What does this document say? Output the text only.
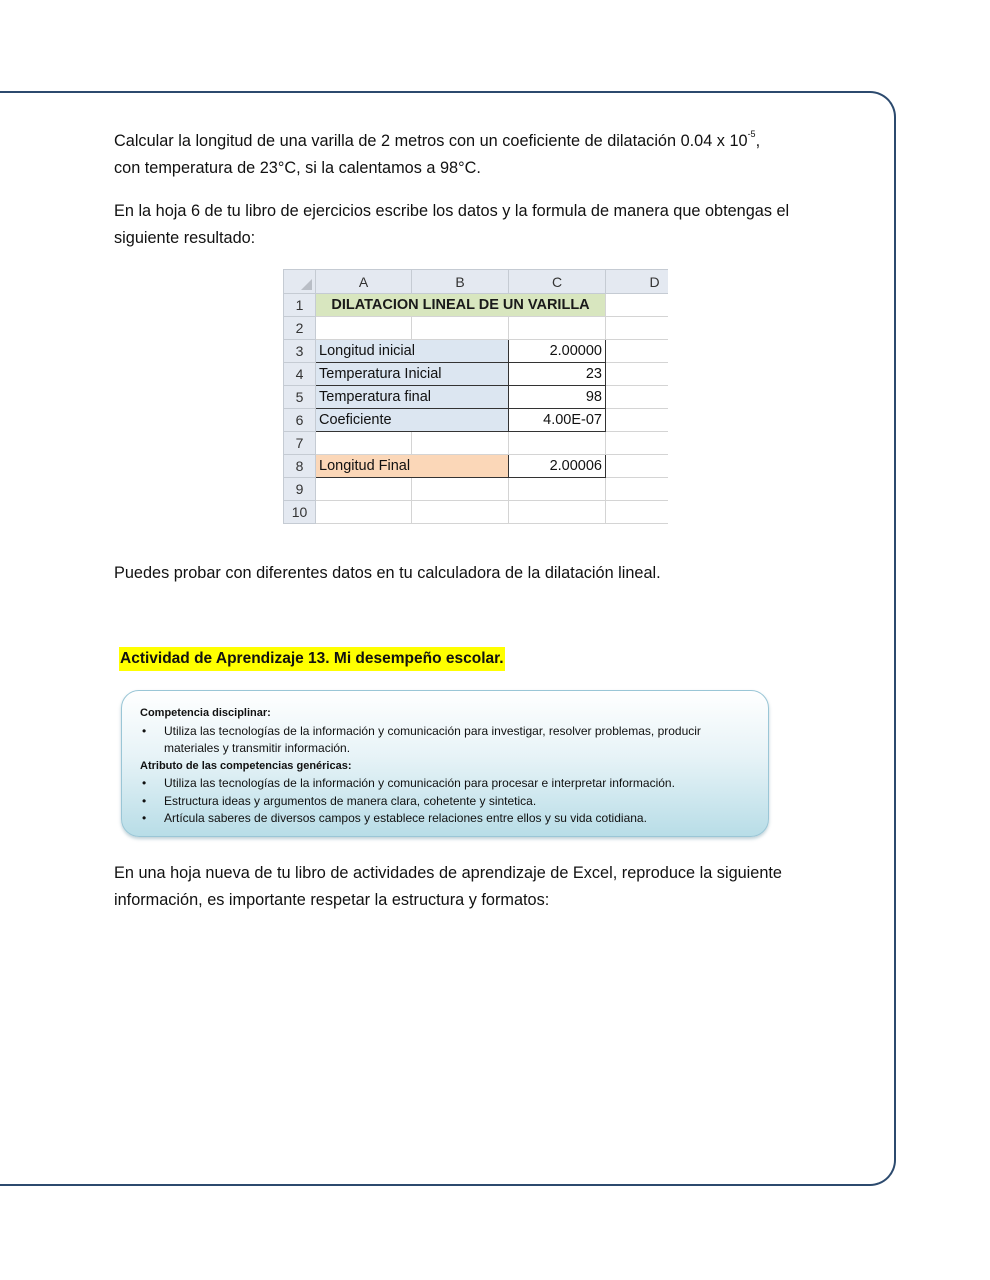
Calcular la longitud de una varilla de 2 metros con un coeficiente de dilatación 0.04 x $10^{-5}$,
con temperatura de 23°C, si la calentamos a 98°C.

En la hoja 6 de tu libro de ejercicios escribe los datos y la formula de manera que obtengas el siguiente resultado:

	A	B	C	D
1	DILATACION LINEAL DE UN VARILLA			
2				
3	Longitud inicial		2.00000	
4	Temperatura Inicial		23	
5	Temperatura final		98	
6	Coeficiente		4.00E-07	
7				
8	Longitud Final		2.00006	
9				
10				

Puedes probar con diferentes datos en tu calculadora de la dilatación lineal.

Actividad de Aprendizaje 13. Mi desempeño escolar.

Competencia disciplinar:
• Utiliza las tecnologías de la información y comunicación para investigar, resolver problemas, producir materiales y transmitir información.
Atributo de las competencias genéricas:
• Utiliza las tecnologías de la información y comunicación para procesar e interpretar información.
• Estructura ideas y argumentos de manera clara, cohetente y sintetica.
• Artícula saberes de diversos campos y establece relaciones entre ellos y su vida cotidiana.

En una hoja nueva de tu libro de actividades de aprendizaje de Excel, reproduce la siguiente información, es importante respetar la estructura y formatos:
